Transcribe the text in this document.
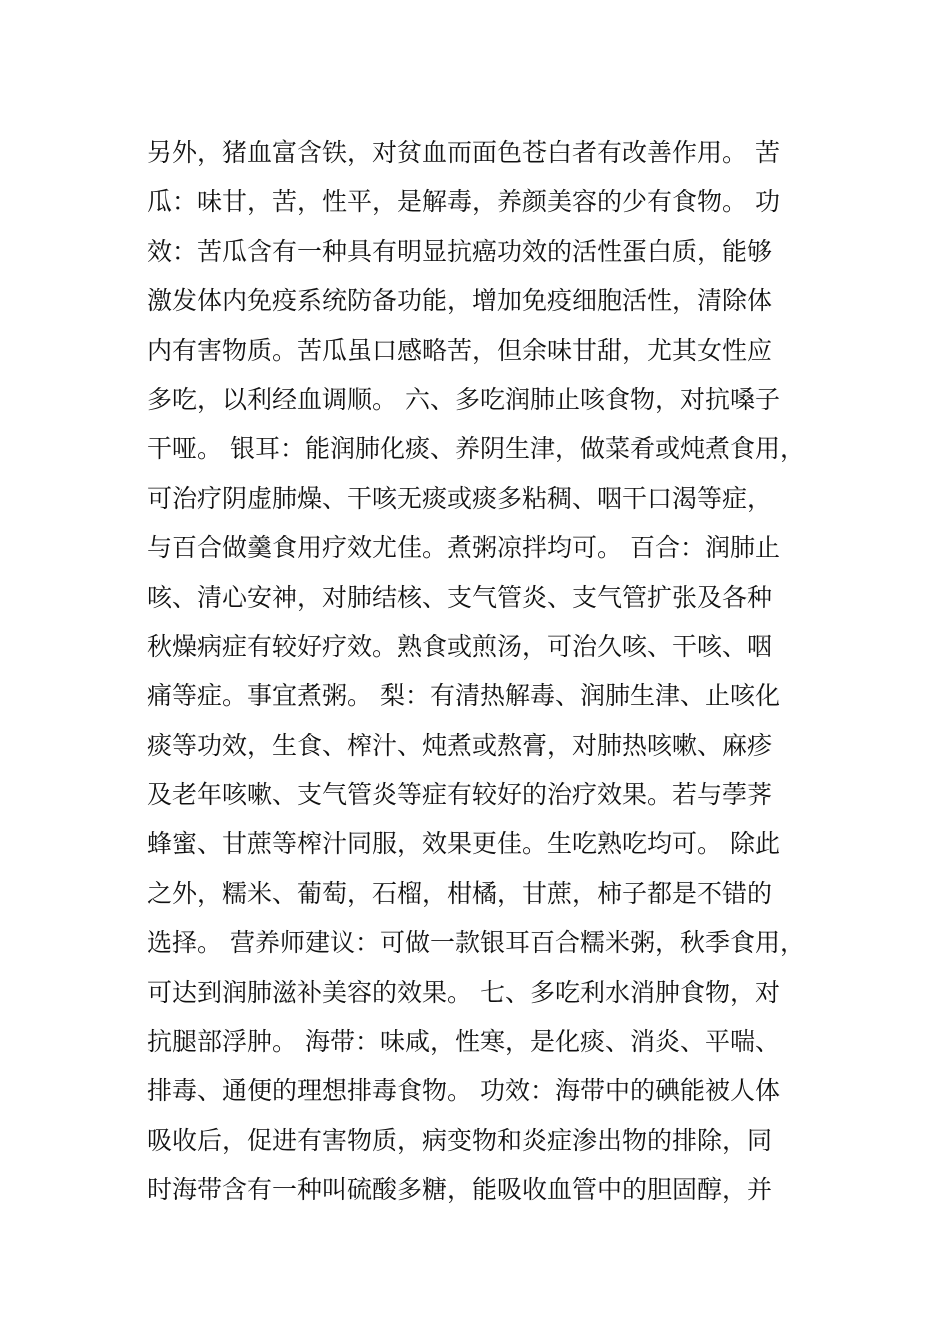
另外，猪血富含铁，对贫血而面色苍白者有改善作用。 苦
瓜：味甘，苦，性平，是解毒，养颜美容的少有食物。 功
效：苦瓜含有一种具有明显抗癌功效的活性蛋白质，能够
激发体内免疫系统防备功能，增加免疫细胞活性，清除体
内有害物质。苦瓜虽口感略苦，但余味甘甜，尤其女性应
多吃，以利经血调顺。 六、多吃润肺止咳食物，对抗嗓子
干哑。 银耳：能润肺化痰、养阴生津，做菜肴或炖煮食用，
可治疗阴虚肺燥、干咳无痰或痰多粘稠、咽干口渴等症，
与百合做羹食用疗效尤佳。煮粥凉拌均可。 百合：润肺止
咳、清心安神，对肺结核、支气管炎、支气管扩张及各种
秋燥病症有较好疗效。熟食或煎汤，可治久咳、干咳、咽
痛等症。事宜煮粥。 梨：有清热解毒、润肺生津、止咳化
痰等功效，生食、榨汁、炖煮或熬膏，对肺热咳嗽、麻疹
及老年咳嗽、支气管炎等症有较好的治疗效果。若与荸荠
蜂蜜、甘蔗等榨汁同服，效果更佳。生吃熟吃均可。 除此
之外，糯米、葡萄，石榴，柑橘，甘蔗，柿子都是不错的
选择。 营养师建议：可做一款银耳百合糯米粥，秋季食用，
可达到润肺滋补美容的效果。 七、多吃利水消肿食物，对
抗腿部浮肿。 海带：味咸，性寒，是化痰、消炎、平喘、
排毒、通便的理想排毒食物。 功效：海带中的碘能被人体
吸收后，促进有害物质，病变物和炎症渗出物的排除，同
时海带含有一种叫硫酸多糖，能吸收血管中的胆固醇，并
